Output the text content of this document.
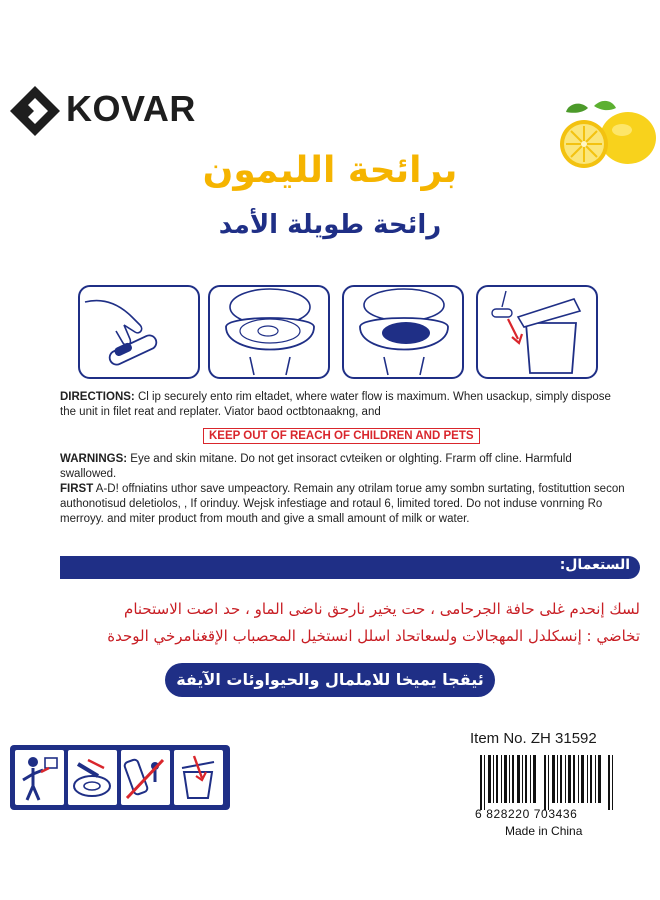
KOVAR
برائحة الليمون
رائحة طويلة الأمد
DIRECTIONS: Cl ip securely ento rim eltadet, where water flow is maximum. When usackup, simply dispose the unit in filet reat and replater. Viator baod octbtonaakng, and
KEEP OUT OF REACH OF CHILDREN AND PETS
WARNINGS: Eye and skin mitane. Do not get insoract cvteiken or olghting. Frarm off cline. Harmfuld swallowed.
FIRST A-D! offniatins uthor save umpeactory. Remain any otrilam torue amy sombn surtating, fostituttion secon authonotisud deletiolos, , If orinduy. Wejsk infestiage and rotaul 6, limited tored. Do not induse vonrning Ro merroyy. and miter product from mouth and give a small amount of milk or water.
الستعمال:
لسك إنحدم غلى حافة الجرحامى ، حت يخير نارحق ناضى الماو ، حد اصت الاستحنام
تخاضي : إنسكلدل المهجالات ولسعاتحاد اسلل انستخيل المحصباب الإقغنامرخي الوحدة
ئيقجا يميخا للاملمال والحيواوئات الآيفة
Item No. ZH 31592
6 828220 703436
Made in China
